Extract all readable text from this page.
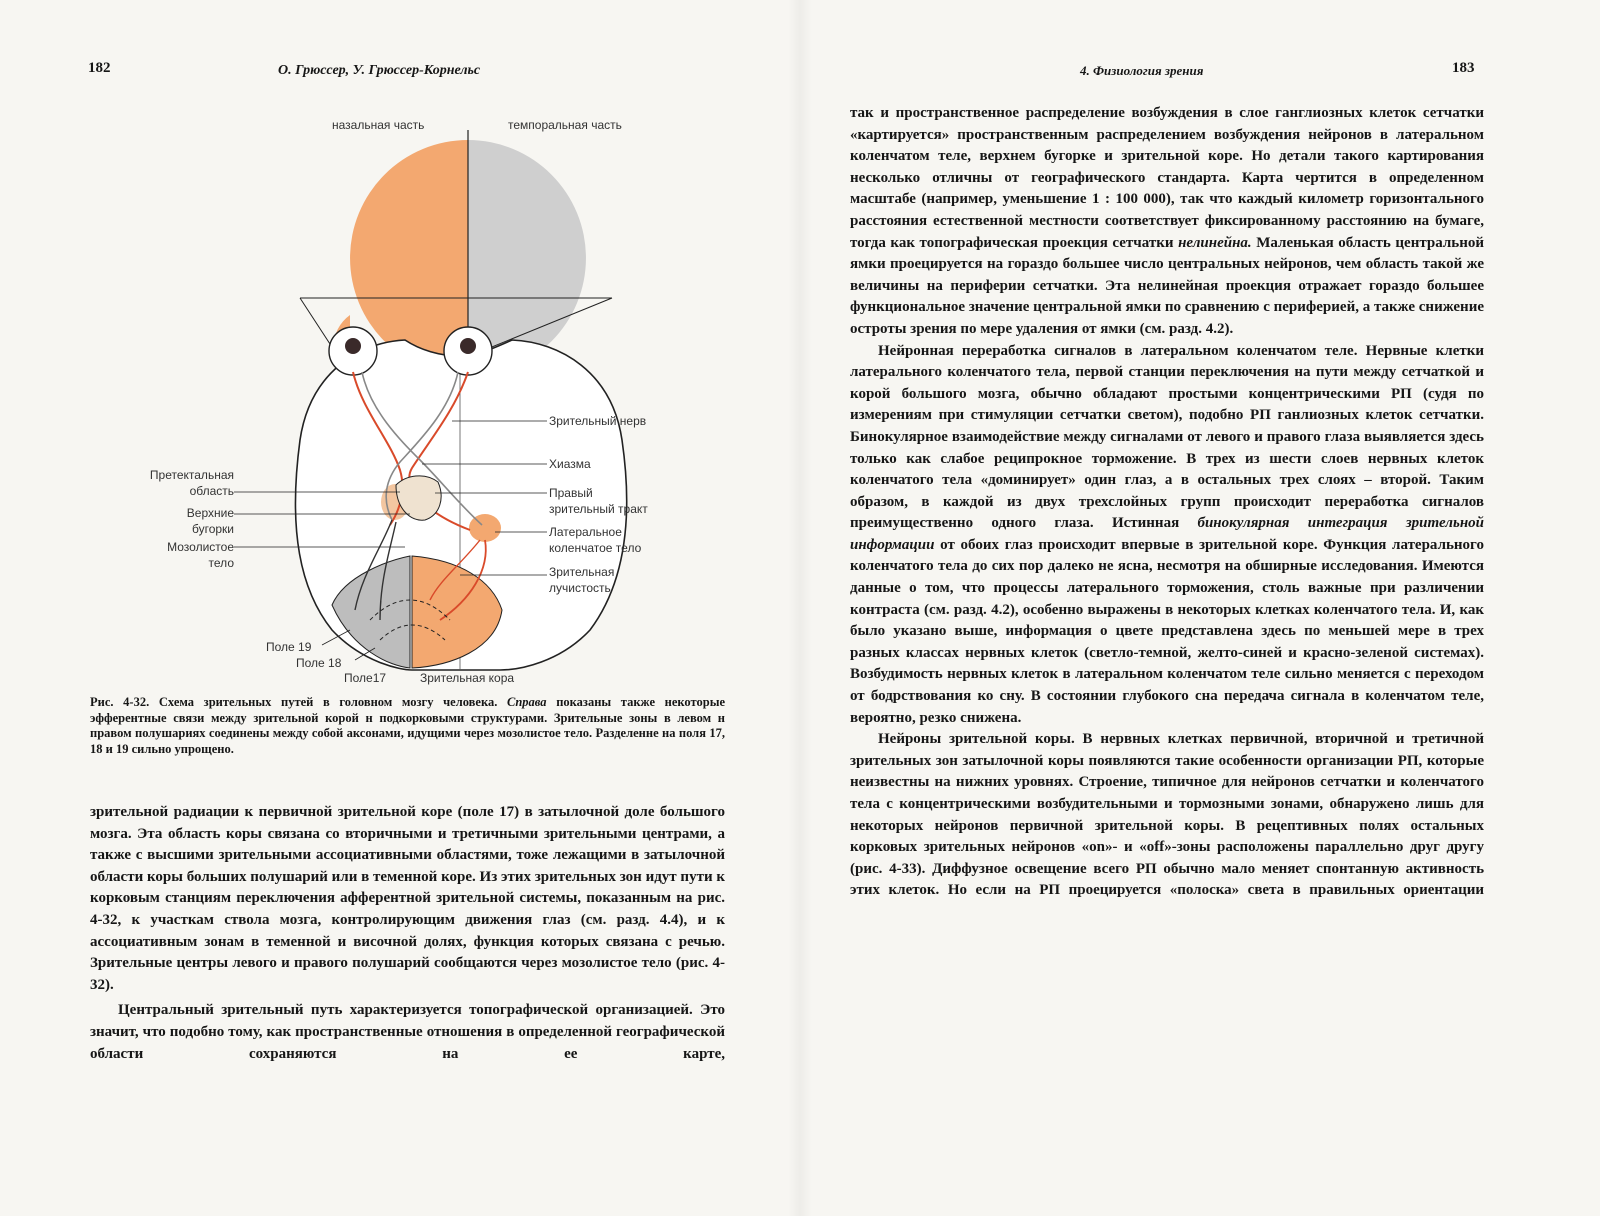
182	О. Грюссер, У. Грюссер-Корнельс
назальная часть	темпоральная часть
Зрительный нерв
Хиазма
Правый
зрительный тракт
Латеральное
коленчатое тело
Зрительная
лучистость
Претектальная
область
Верхние
бугорки
Мозолистое
тело
Поле 19
Поле 18
Поле17	Зрительная кора
Рис. 4-32. Схема зрительных путей в головном мозгу человека. Справа показаны также некоторые эфферентные связи между зрительной корой н подкорковыми структурами. Зрительные зоны в левом н правом полушариях соединены между собой аксонами, идущими через мозолистое тело. Разделенне на поля 17, 18 и 19 сильно упрощено.

зрительной радиации к первичной зрительной коре (поле 17) в затылочной доле большого мозга. Эта область коры связана со вторичными и третичными зрительными центрами, а также с высшими зрительными ассоциативными областями, тоже лежащими в затылочной области коры больших полушарий или в теменной коре. Из этих зрительных зон идут пути к корковым станциям переключения афферентной зрительной системы, показанным на рис. 4-32, к участкам ствола мозга, контролирующим движения глаз (см. разд. 4.4), и к ассоциативным зонам в теменной и височной долях, функция которых связана с речью. Зрительные центры левого и правого полушарий сообщаются через мозолистое тело (рис. 4-32).

Центральный зрительный путь характеризуется топографической организацией. Это значит, что подобно тому, как пространственные отношения в определенной географической области сохраняются на ее карте,

4. Физиология зрения	183

так и пространственное распределение возбуждения в слое ганглиозных клеток сетчатки «картируется» пространственным распределением возбуждения нейронов в латеральном коленчатом теле, верхнем бугорке и зрительной коре. Но детали такого картирования несколько отличны от географического стандарта. Карта чертится в определенном масштабе (например, уменьшение 1 : 100 000), так что каждый километр горизонтального расстояния естественной местности соответствует фиксированному расстоянию на бумаге, тогда как топографическая проекция сетчатки нелинейна. Маленькая область центральной ямки проецируется на гораздо большее число центральных нейронов, чем область такой же величины на периферии сетчатки. Эта нелинейная проекция отражает гораздо большее функциональное значение центральной ямки по сравнению с периферией, а также снижение остроты зрения по мере удаления от ямки (см. разд. 4.2).

Нейронная переработка сигналов в латеральном коленчатом теле. Нервные клетки латерального коленчатого тела, первой станции переключения на пути между сетчаткой и корой большого мозга, обычно обладают простыми концентрическими РП (судя по измерениям при стимуляции сетчатки светом), подобно РП ганлиозных клеток сетчатки. Бинокулярное взаимодействие между сигналами от левого и правого глаза выявляется здесь только как слабое реципрокное торможение. В трех из шести слоев нервных клеток коленчатого тела «доминирует» один глаз, а в остальных трех слоях – второй. Таким образом, в каждой из двух трехслойных групп происходит переработка сигналов преимущественно одного глаза. Истинная бинокулярная интеграция зрительной информации от обоих глаз происходит впервые в зрительной коре. Функция латерального коленчатого тела до сих пор далеко не ясна, несмотря на обширные исследования. Имеются данные о том, что процессы латерального торможения, столь важные при различении контраста (см. разд. 4.2), особенно выражены в некоторых клетках коленчатого тела. И, как было указано выше, информация о цвете представлена здесь по меньшей мере в трех разных классах нервных клеток (светло-темной, желто-синей и красно-зеленой системах). Возбудимость нервных клеток в латеральном коленчатом теле сильно меняется с переходом от бодрствования ко сну. В состоянии глубокого сна передача сигнала в коленчатом теле, вероятно, резко снижена.

Нейроны зрительной коры. В нервных клетках первичной, вторичной и третичной зрительных зон затылочной коры появляются такие особенности организации РП, которые неизвестны на нижних уровнях. Строение, типичное для нейронов сетчатки и коленчатого тела с концентрическими возбудительными и тормозными зонами, обнаружено лишь для некоторых нейронов первичной зрительной коры. В рецептивных полях остальных корковых зрительных нейронов «on»- и «off»-зоны расположены параллельно друг другу (рис. 4-33). Диффузное освещение всего РП обычно мало меняет спонтанную активность этих клеток. Но если на РП проецируется «полоска» света в правильных ориентации
